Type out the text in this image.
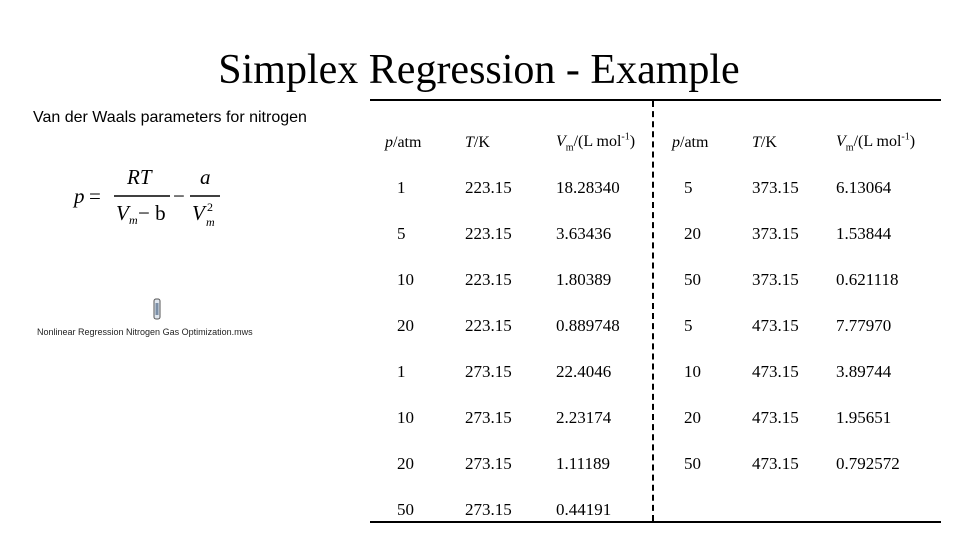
Simplex Regression - Example
Van der Waals parameters for nitrogen
p =
RT
V m − b
−
a
V 2
m
Nonlinear Regression Nitrogen Gas Optimization.mws
p/atm	T/K	$V_m/(L$ mol$^{-1}$) p/atm	T/K	$V_m/(L$ mol$^{-1}$)
1	223.15	18.28340	5	373.15 6.13064
5	223.15	3.63436	20	373.15 1.53844
10	223.15	1.80389	50	373.15 0.621118
20	223.15	0.889748	5	473.15 7.77970
1	273.15	22.4046	10	473.15 3.89744
10	273.15	2.23174	20	473.15 1.95651
20	273.15	1.11189	50	473.15 0.792572
50	273.15	0.44191
